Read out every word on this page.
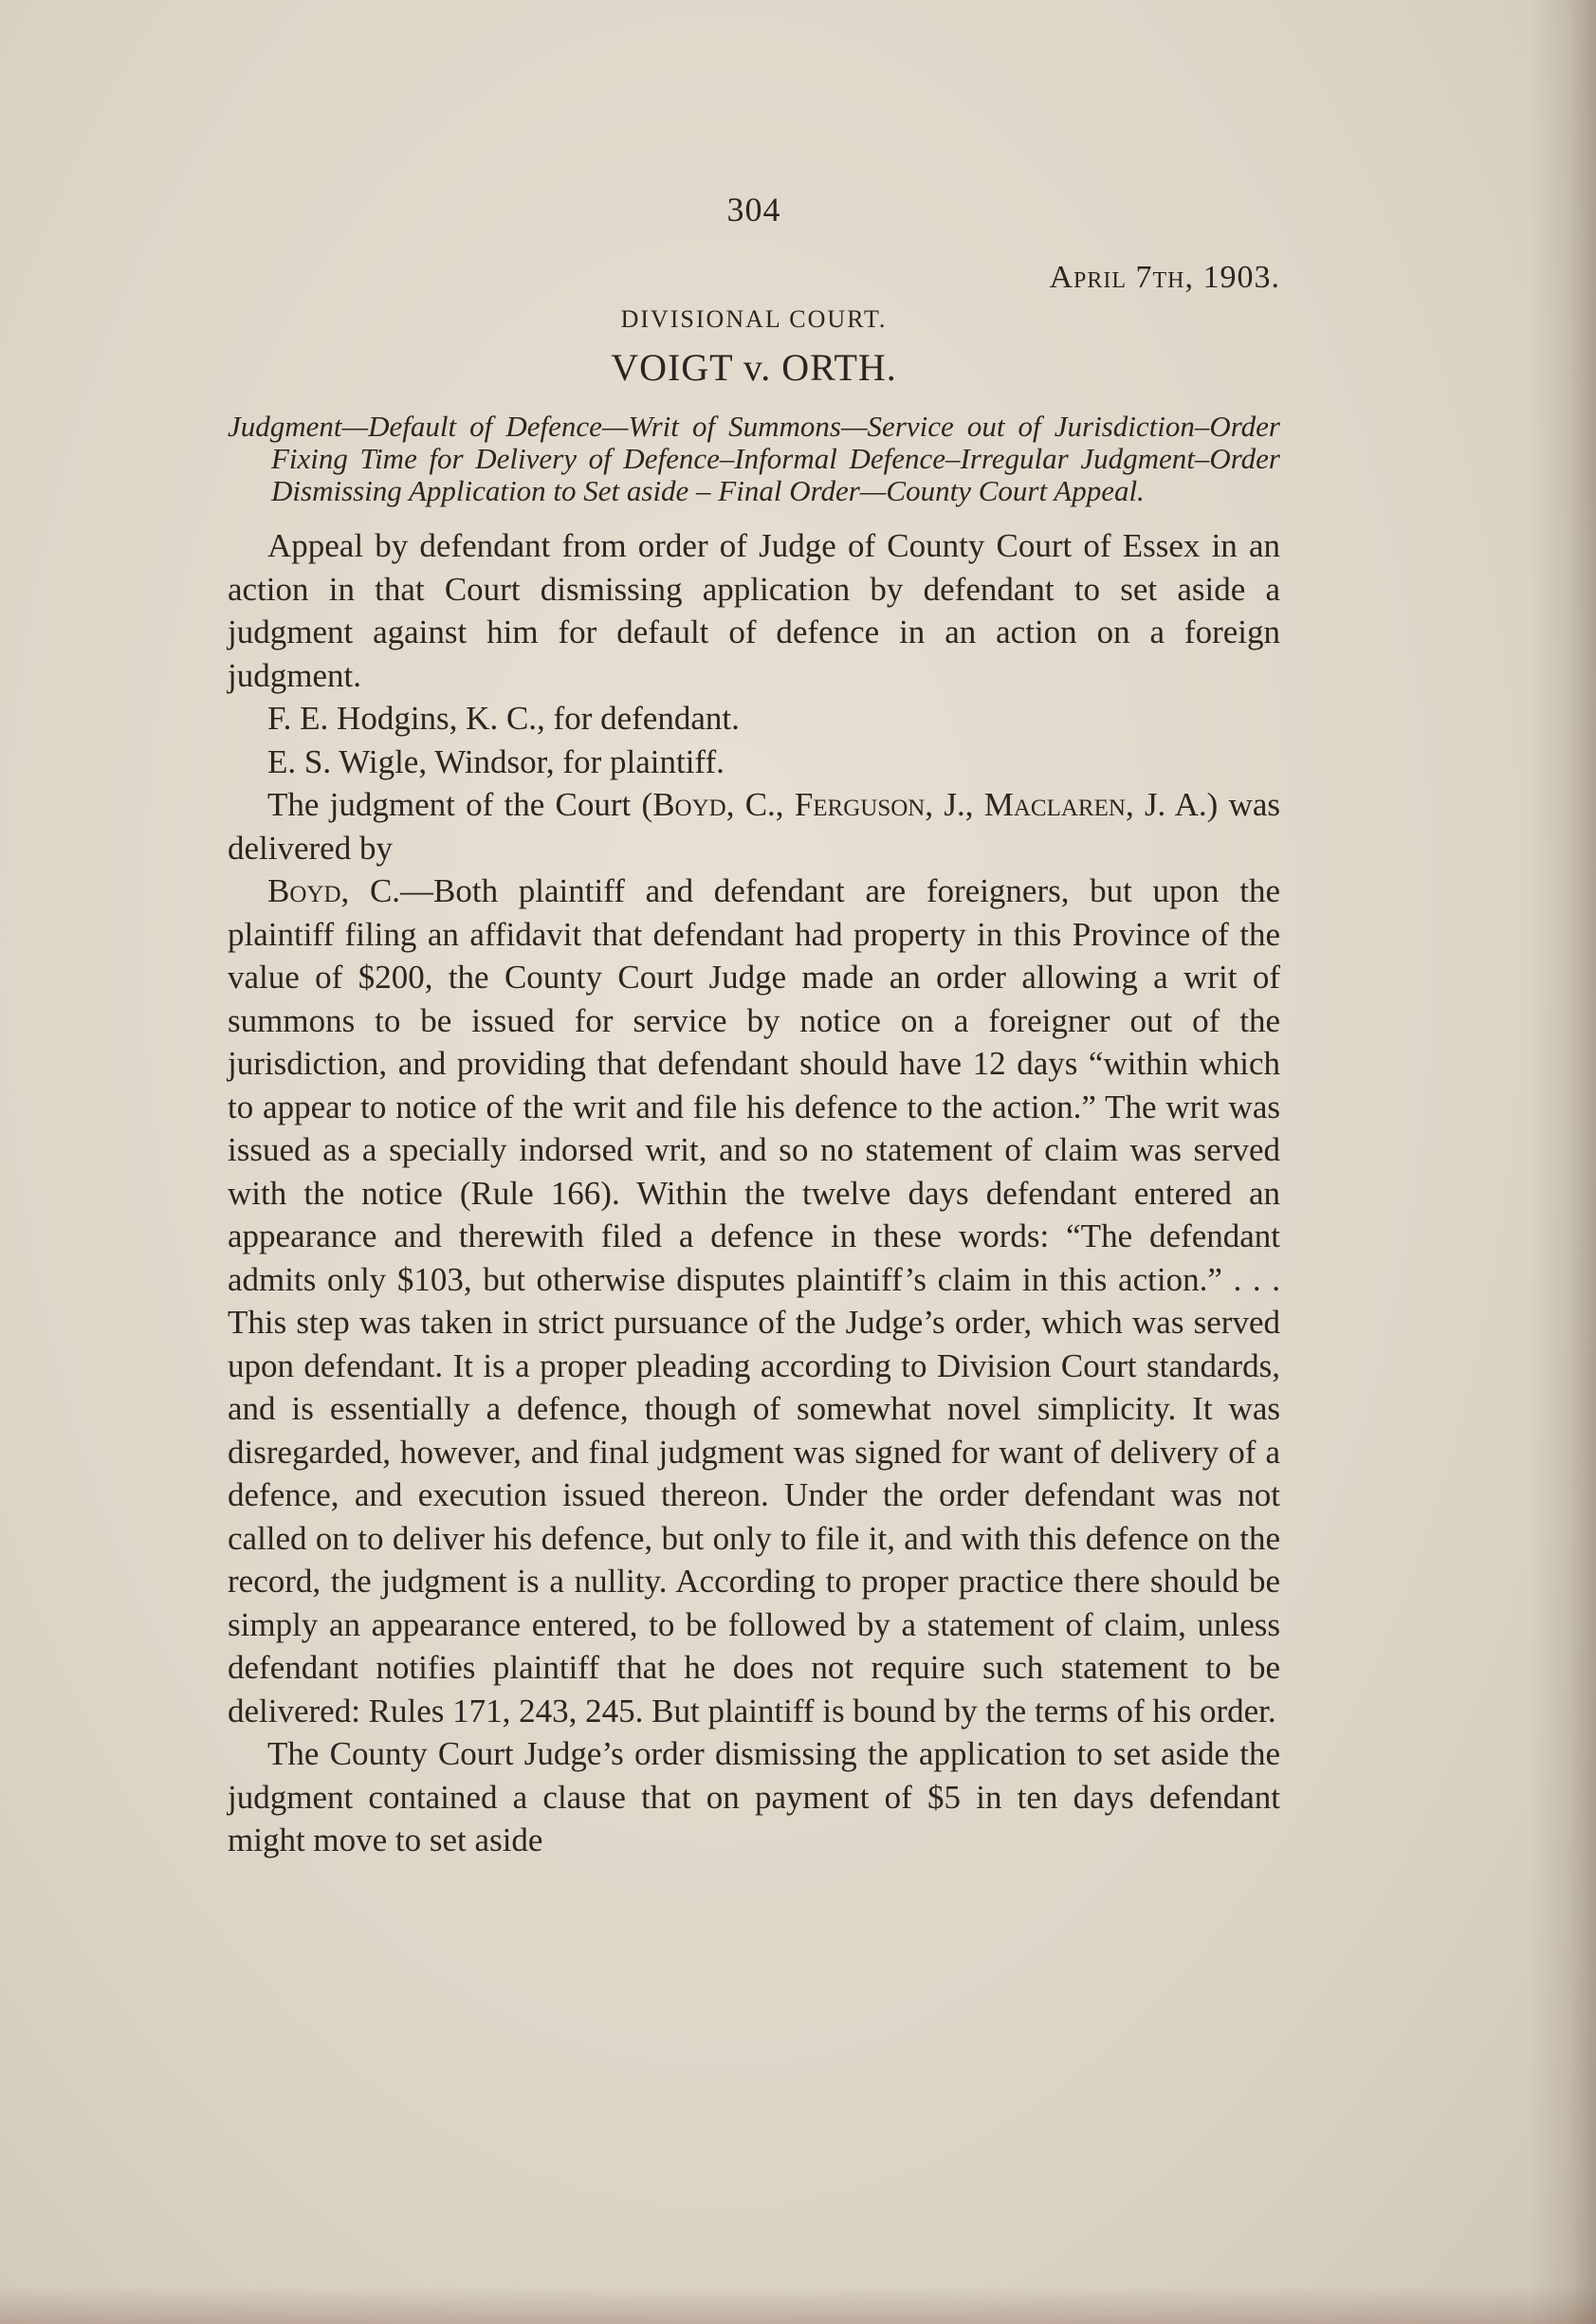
304

April 7th, 1903.

DIVISIONAL COURT.

VOIGT v. ORTH.

Judgment—Default of Defence—Writ of Summons—Service out of Jurisdiction–Order Fixing Time for Delivery of Defence–Informal Defence–Irregular Judgment–Order Dismissing Application to Set aside – Final Order—County Court Appeal.

Appeal by defendant from order of Judge of County Court of Essex in an action in that Court dismissing application by defendant to set aside a judgment against him for default of defence in an action on a foreign judgment.

F. E. Hodgins, K. C., for defendant.

E. S. Wigle, Windsor, for plaintiff.

The judgment of the Court (Boyd, C., Ferguson, J., Maclaren, J. A.) was delivered by

Boyd, C.—Both plaintiff and defendant are foreigners, but upon the plaintiff filing an affidavit that defendant had property in this Province of the value of $200, the County Court Judge made an order allowing a writ of summons to be issued for service by notice on a foreigner out of the jurisdiction, and providing that defendant should have 12 days “within which to appear to notice of the writ and file his defence to the action.” The writ was issued as a specially indorsed writ, and so no statement of claim was served with the notice (Rule 166). Within the twelve days defendant entered an appearance and therewith filed a defence in these words: “The defendant admits only $103, but otherwise disputes plaintiff’s claim in this action.” . . . This step was taken in strict pursuance of the Judge’s order, which was served upon defendant. It is a proper pleading according to Division Court standards, and is essentially a defence, though of somewhat novel simplicity. It was disregarded, however, and final judgment was signed for want of delivery of a defence, and execution issued thereon. Under the order defendant was not called on to deliver his defence, but only to file it, and with this defence on the record, the judgment is a nullity. According to proper practice there should be simply an appearance entered, to be followed by a statement of claim, unless defendant notifies plaintiff that he does not require such statement to be delivered: Rules 171, 243, 245. But plaintiff is bound by the terms of his order.

The County Court Judge’s order dismissing the application to set aside the judgment contained a clause that on payment of $5 in ten days defendant might move to set aside
